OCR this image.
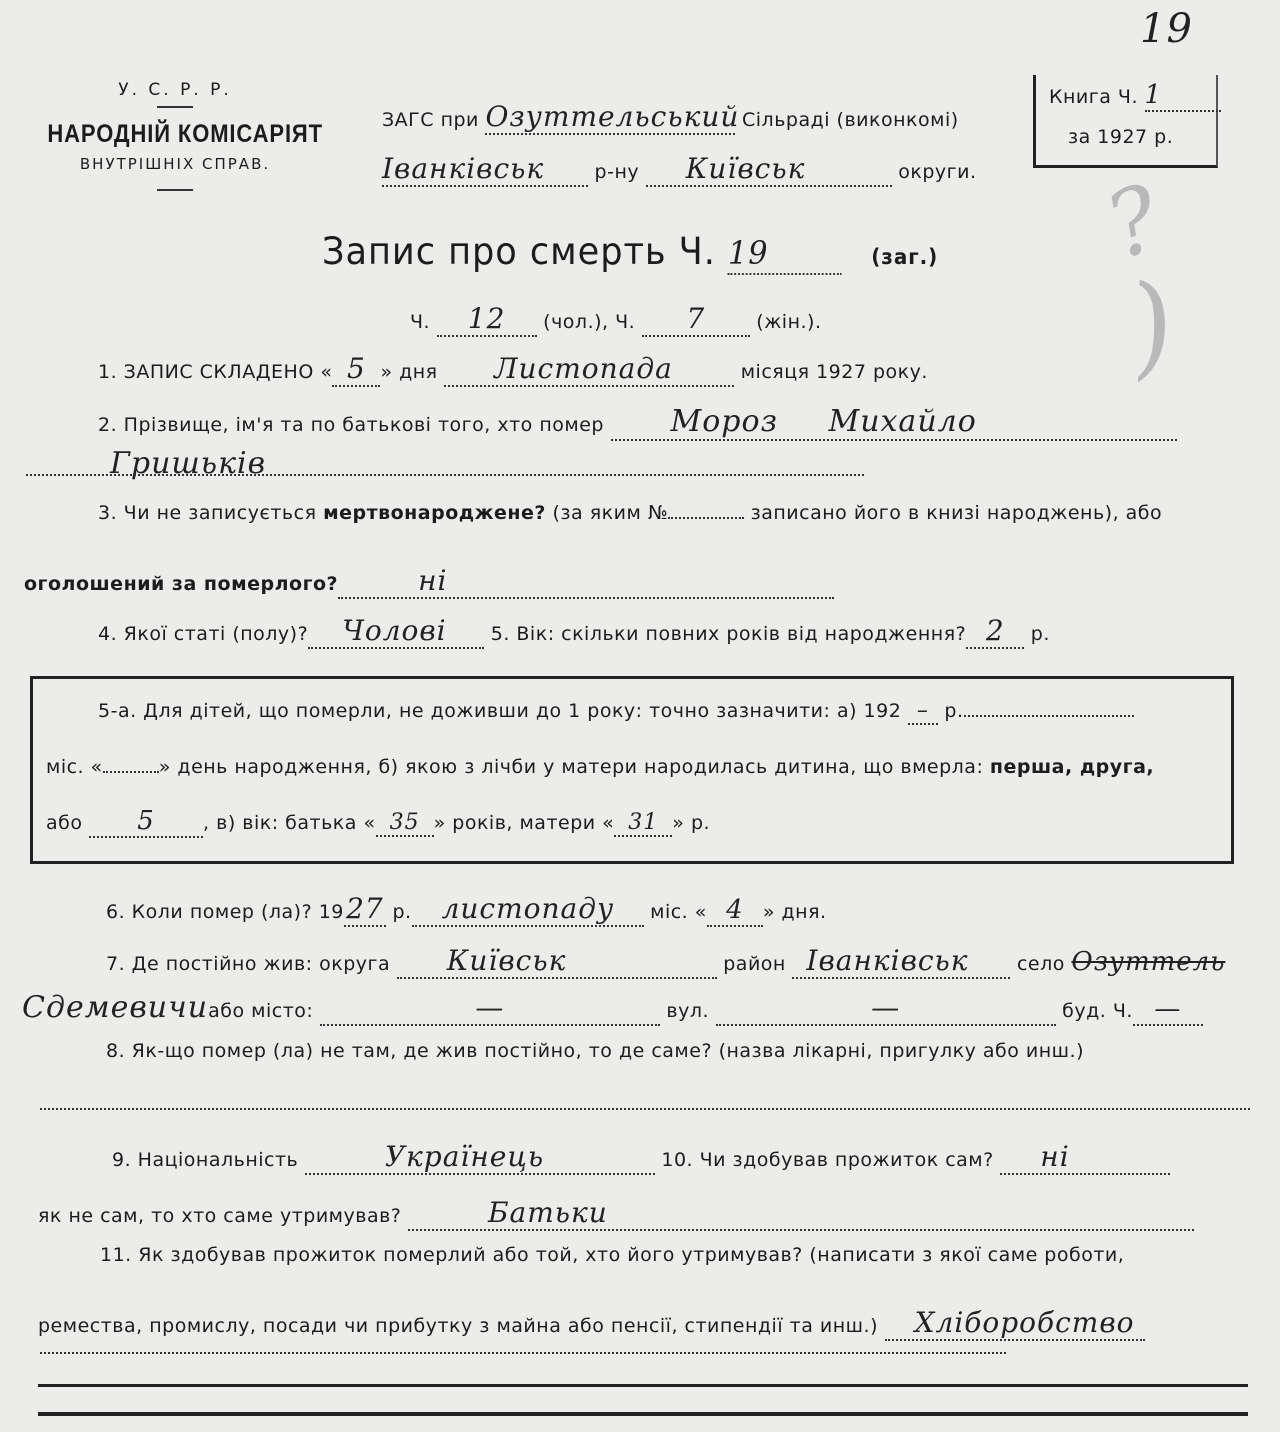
?
)
19
У. С. Р. Р.
НАРОДНІЙ КОМІСАРІЯТ
ВНУТРІШНІХ СПРАВ.
Книга Ч. 1
за 1927 р.
ЗАГС при Озуттельський Сільраді (виконкомі)
Іванківськ	р-ну Київськ	округи.
Запис про смерть Ч. 19	(заг.)
Ч. 12 (чол.), Ч. 7	(жін.).
1. ЗАПИС СКЛАДЕНО « 5 » дня Листопада	місяця 1927 року.
2. Прізвище, ім'я та по батькові того, хто помер Мороз Михайло
Гришьків
3. Чи не записується мертвонароджене? (за яким №	записано його в книзі народжень), або
оголошений за померлого?	ні
4. Якої статі (полу)? Чолові 5. Вік: скільки повних років від народження? 2 р.
5-а. Для дітей, що померли, не доживши до 1 року: точно зазначити: а) 192 – р.
міс. «	» день народження, б) якою з лічби у матери народилась дитина, що вмерла: перша, друга,
або 5	, в) вік: батька « 35 » років, матери « 31 » р.
6. Коли помер (ла)? 1927 р. листопаду міс. « 4 » дня.
7. Де постійно жив: округа Київськ	район Іванківськ	село Озуттель
Сдемевичиабо місто:	—	вул.	—	буд. Ч. —
8. Як-що помер (ла) не там, де жив постійно, то де саме? (назва лікарні, пригулку або инш.)
9. Національність	Українець	10. Чи здобував прожиток сам? ні
як не сам, то хто саме утримував?	Батьки
11. Як здобував прожиток померлий або той, хто його утримував? (написати з якої саме роботи,
ремества, промислу, посади чи прибутку з майна або пенсії, стипендії та инш.) Хліборобство
